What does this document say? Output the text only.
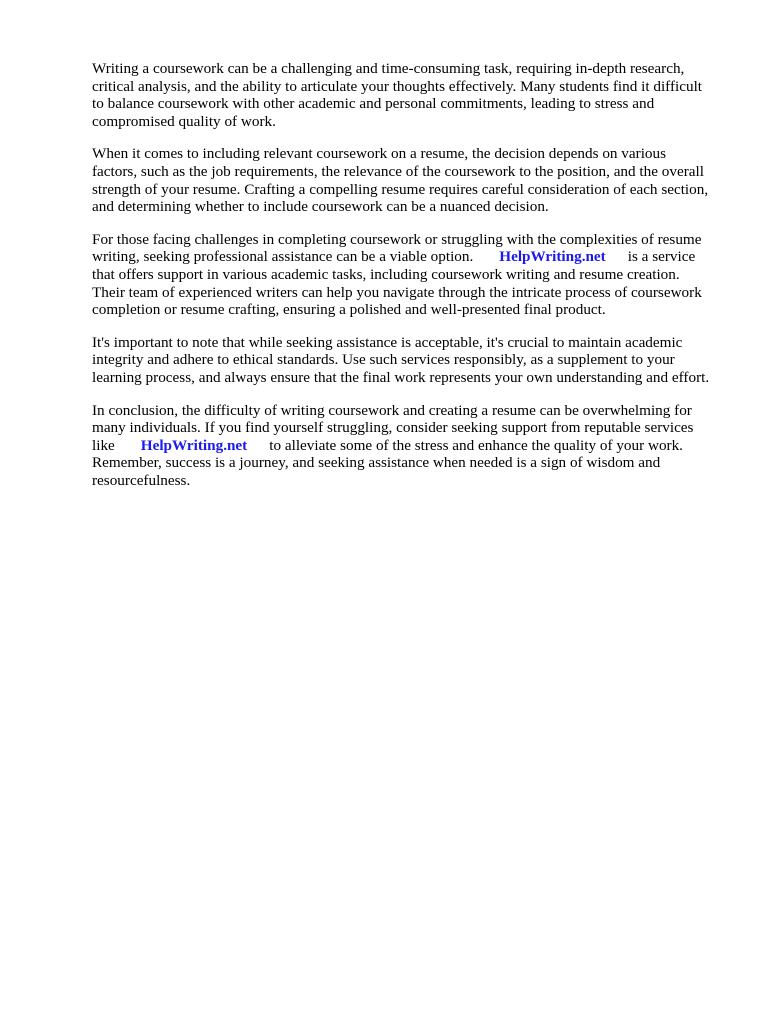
Writing a coursework can be a challenging and time-consuming task, requiring in-depth research,
critical analysis, and the ability to articulate your thoughts effectively. Many students find it difficult
to balance coursework with other academic and personal commitments, leading to stress and
compromised quality of work.

When it comes to including relevant coursework on a resume, the decision depends on various
factors, such as the job requirements, the relevance of the coursework to the position, and the overall
strength of your resume. Crafting a compelling resume requires careful consideration of each section,
and determining whether to include coursework can be a nuanced decision.

For those facing challenges in completing coursework or struggling with the complexities of resume
writing, seeking professional assistance can be a viable option. HelpWriting.net is a service
that offers support in various academic tasks, including coursework writing and resume creation.
Their team of experienced writers can help you navigate through the intricate process of coursework
completion or resume crafting, ensuring a polished and well-presented final product.

It's important to note that while seeking assistance is acceptable, it's crucial to maintain academic
integrity and adhere to ethical standards. Use such services responsibly, as a supplement to your
learning process, and always ensure that the final work represents your own understanding and effort.

In conclusion, the difficulty of writing coursework and creating a resume can be overwhelming for
many individuals. If you find yourself struggling, consider seeking support from reputable services
like HelpWriting.net to alleviate some of the stress and enhance the quality of your work.
Remember, success is a journey, and seeking assistance when needed is a sign of wisdom and
resourcefulness.
